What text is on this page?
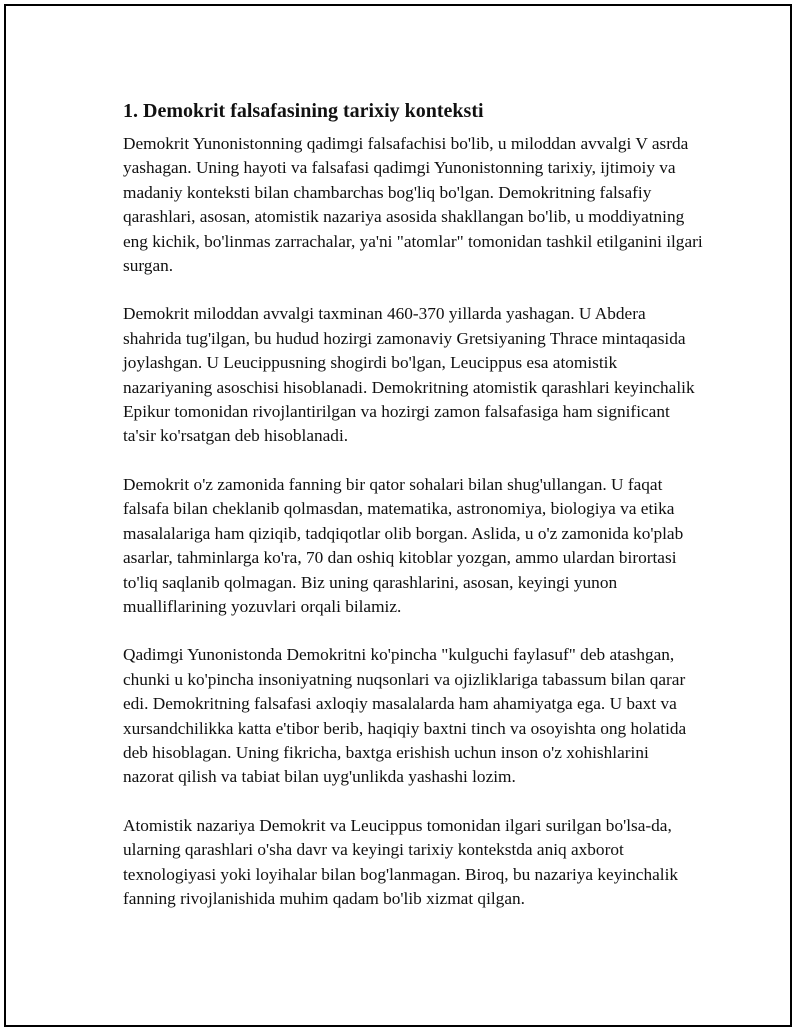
1. Demokrit falsafasining tarixiy konteksti

Demokrit Yunonistonning qadimgi falsafachisi bo'lib, u miloddan avvalgi V asrda yashagan. Uning hayoti va falsafasi qadimgi Yunonistonning tarixiy, ijtimoiy va madaniy konteksti bilan chambarchas bog'liq bo'lgan. Demokritning falsafiy qarashlari, asosan, atomistik nazariya asosida shakllangan bo'lib, u moddiyatning eng kichik, bo'linmas zarrachalar, ya'ni "atomlar" tomonidan tashkil etilganini ilgari surgan.

Demokrit miloddan avvalgi taxminan 460-370 yillarda yashagan. U Abdera shahrida tug'ilgan, bu hudud hozirgi zamonaviy Gretsiyaning Thrace mintaqasida joylashgan. U Leucippusning shogirdi bo'lgan, Leucippus esa atomistik nazariyaning asoschisi hisoblanadi. Demokritning atomistik qarashlari keyinchalik Epikur tomonidan rivojlantirilgan va hozirgi zamon falsafasiga ham significant ta'sir ko'rsatgan deb hisoblanadi.

Demokrit o'z zamonida fanning bir qator sohalari bilan shug'ullangan. U faqat falsafa bilan cheklanib qolmasdan, matematika, astronomiya, biologiya va etika masalalariga ham qiziqib, tadqiqotlar olib borgan. Aslida, u o'z zamonida ko'plab asarlar, tahminlarga ko'ra, 70 dan oshiq kitoblar yozgan, ammo ulardan birortasi to'liq saqlanib qolmagan. Biz uning qarashlarini, asosan, keyingi yunon mualliflarining yozuvlari orqali bilamiz.

Qadimgi Yunonistonda Demokritni ko'pincha "kulguchi faylasuf" deb atashgan, chunki u ko'pincha insoniyatning nuqsonlari va ojizliklariga tabassum bilan qarar edi. Demokritning falsafasi axloqiy masalalarda ham ahamiyatga ega. U baxt va xursandchilikka katta e'tibor berib, haqiqiy baxtni tinch va osoyishta ong holatida deb hisoblagan. Uning fikricha, baxtga erishish uchun inson o'z xohishlarini nazorat qilish va tabiat bilan uyg'unlikda yashashi lozim.

Atomistik nazariya Demokrit va Leucippus tomonidan ilgari surilgan bo'lsa-da, ularning qarashlari o'sha davr va keyingi tarixiy kontekstda aniq axborot texnologiyasi yoki loyihalar bilan bog'lanmagan. Biroq, bu nazariya keyinchalik fanning rivojlanishida muhim qadam bo'lib xizmat qilgan.
